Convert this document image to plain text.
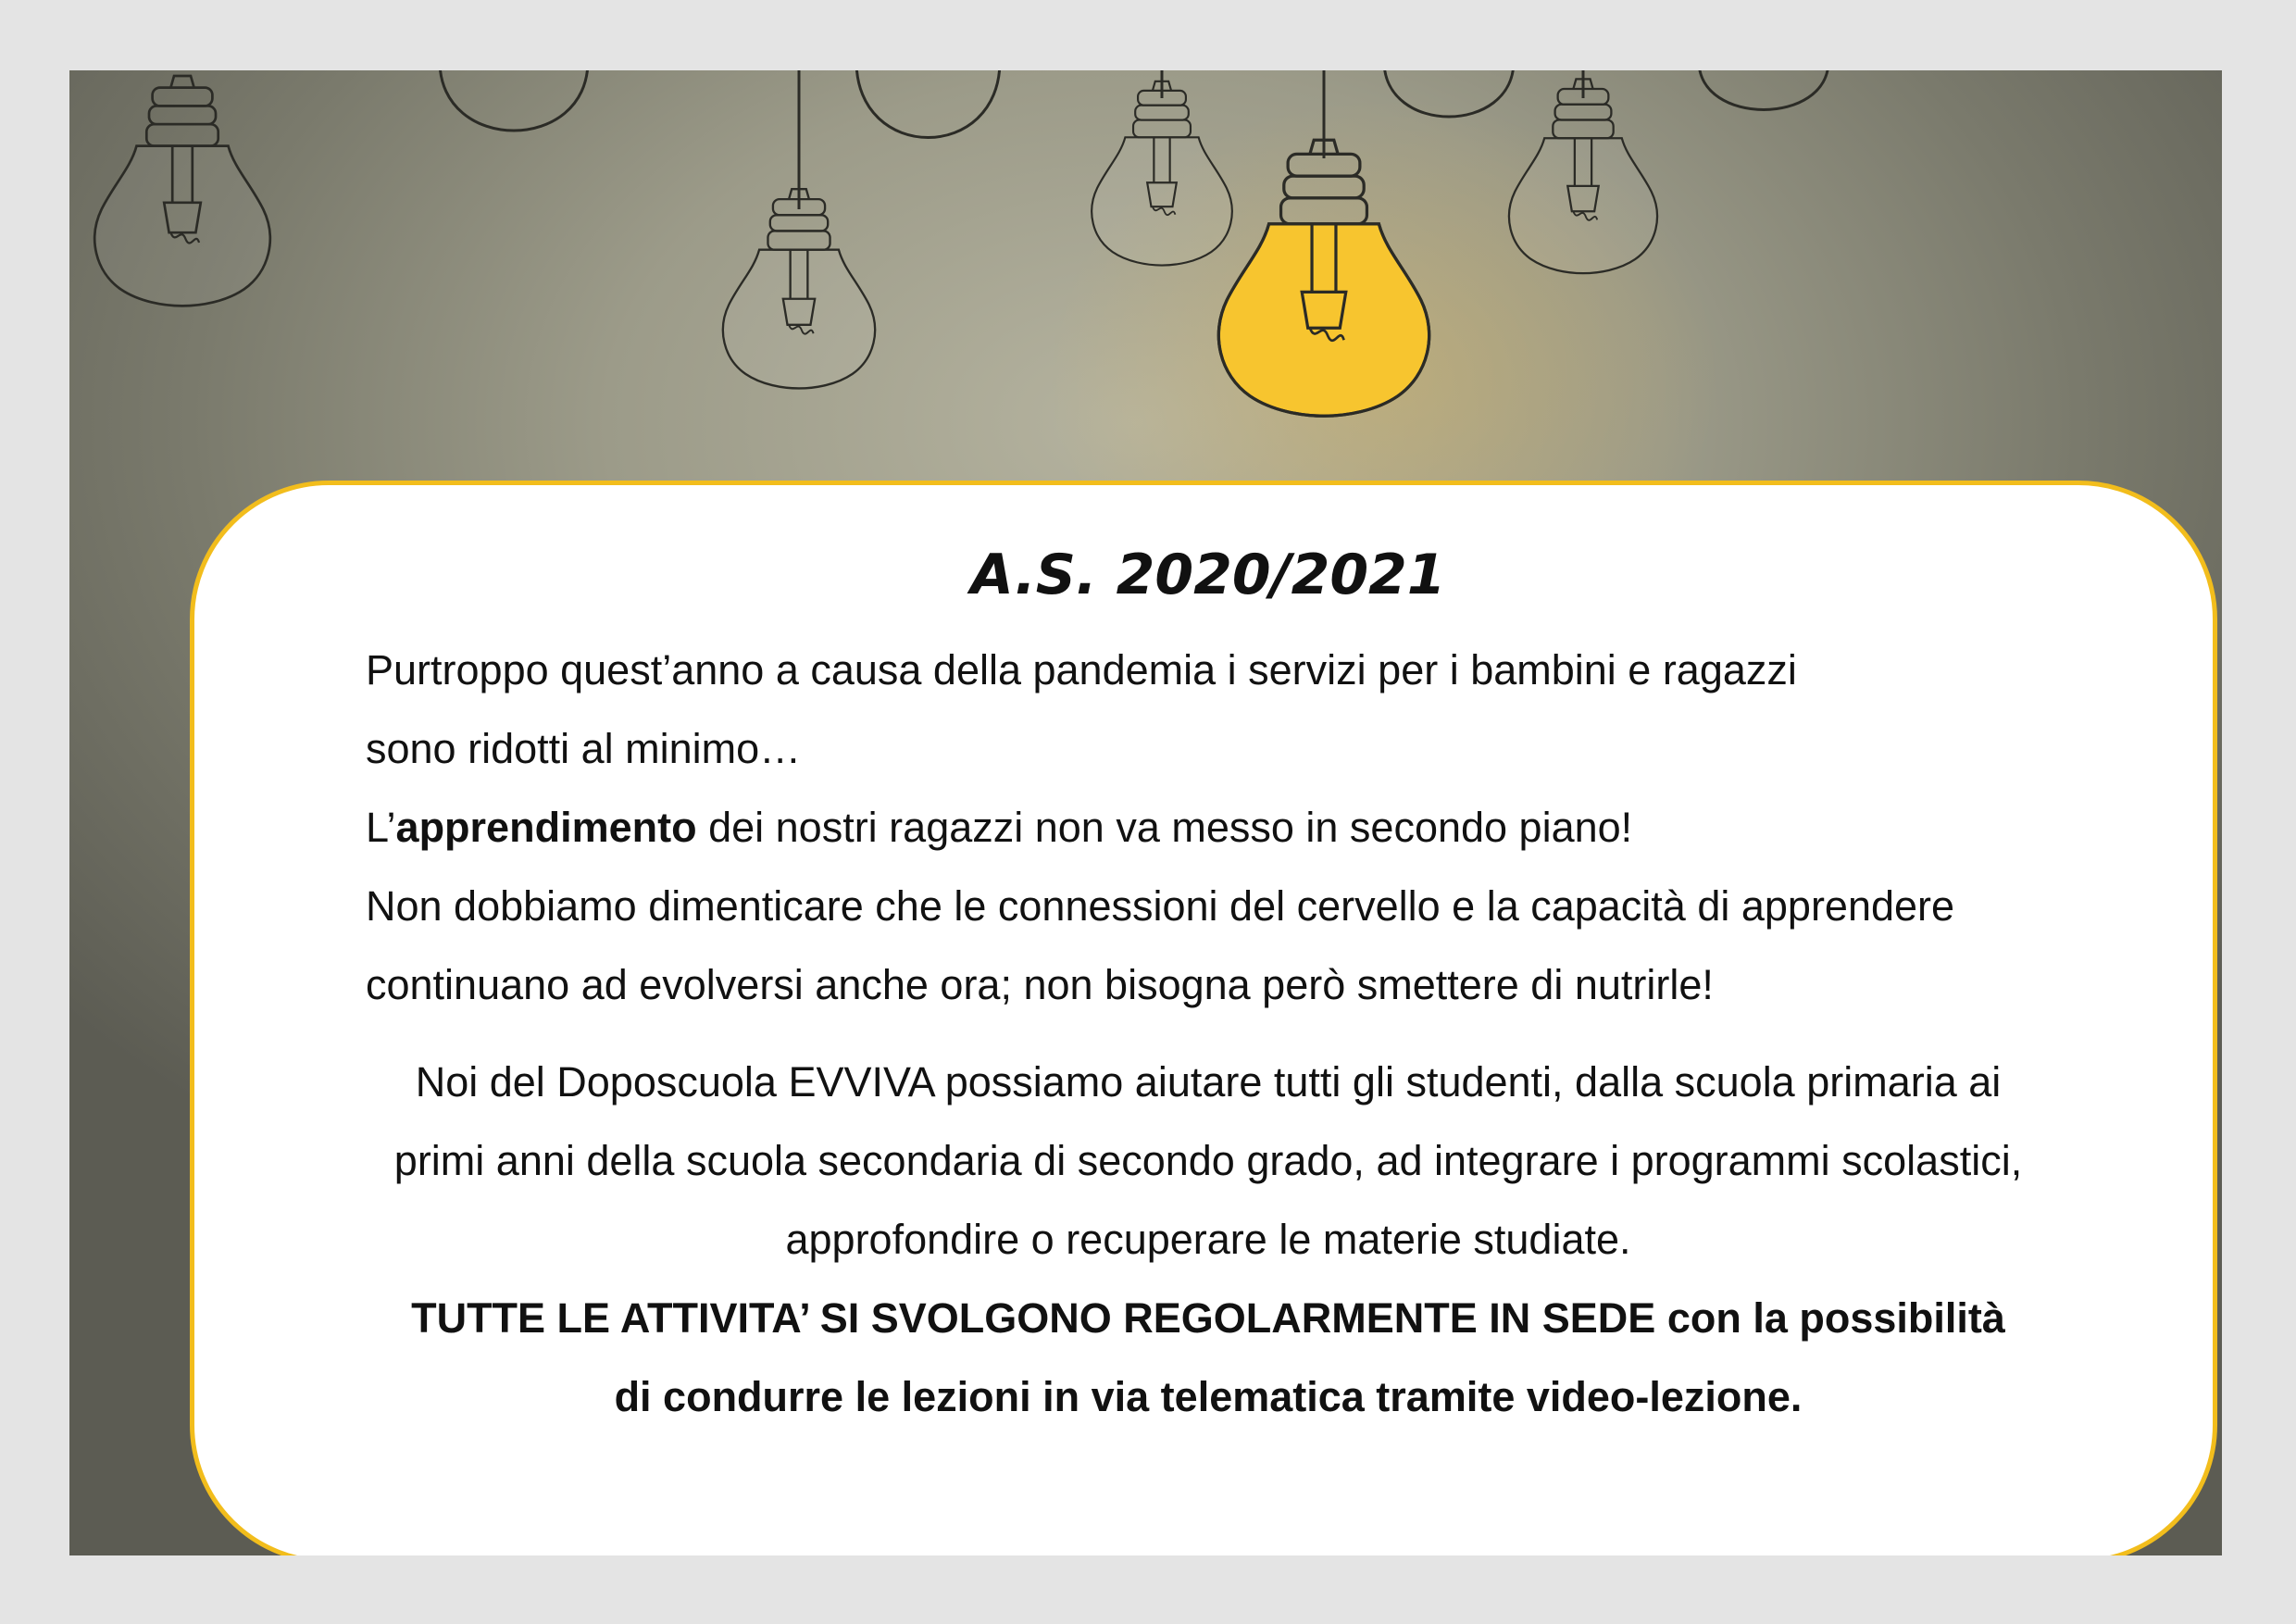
A.S. 2020/2021

Purtroppo quest’anno a causa della pandemia i servizi per i bambini e ragazzi

sono ridotti al minimo…

L’apprendimento dei nostri ragazzi non va messo in secondo piano!

Non dobbiamo dimenticare che le connessioni del cervello e la capacità di apprendere

continuano ad evolversi anche ora; non bisogna però smettere di nutrirle!

Noi del Doposcuola EVVIVA possiamo aiutare tutti gli studenti, dalla scuola primaria ai

primi anni della scuola secondaria di secondo grado, ad integrare i programmi scolastici,

approfondire o recuperare le materie studiate.

TUTTE LE ATTIVITA’ SI SVOLGONO REGOLARMENTE IN SEDE con la possibilità

di condurre le lezioni in via telematica tramite video-lezione.
